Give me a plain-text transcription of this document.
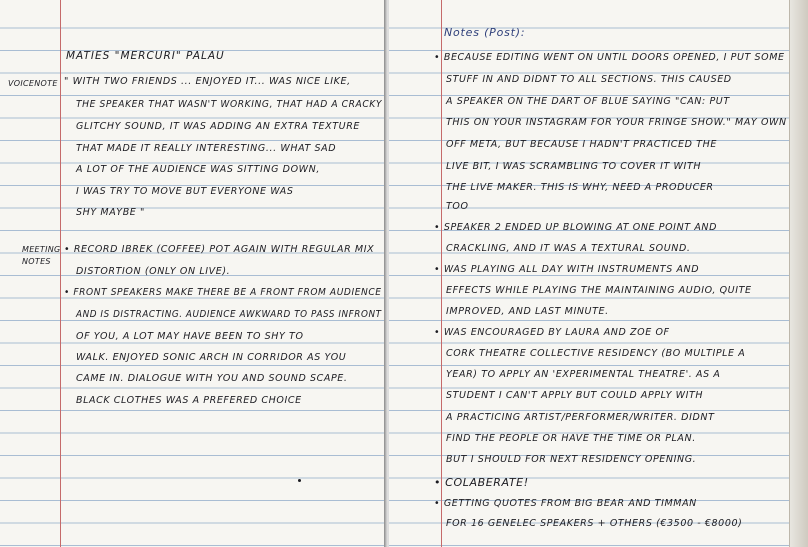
MATIES "MERCURI" PALAU
VOICENOTE
MEETING
NOTES
" WITH TWO FRIENDS ... ENJOYED IT... WAS NICE LIKE,
THE SPEAKER THAT WASN'T WORKING, THAT HAD A CRACKY
GLITCHY SOUND, IT WAS ADDING AN EXTRA TEXTURE
THAT MADE IT REALLY INTERESTING... WHAT SAD
A LOT OF THE AUDIENCE WAS SITTING DOWN,
I WAS TRY TO MOVE BUT EVERYONE WAS
SHY MAYBE "
• RECORD IBREK (COFFEE) POT AGAIN WITH REGULAR MIX
DISTORTION (ONLY ON LIVE).
• FRONT SPEAKERS MAKE THERE BE A FRONT FROM AUDIENCE
AND IS DISTRACTING. AUDIENCE AWKWARD TO PASS INFRONT
OF YOU, A LOT MAY HAVE BEEN TO SHY TO
WALK. ENJOYED SONIC ARCH IN CORRIDOR AS YOU
CAME IN. DIALOGUE WITH YOU AND SOUND SCAPE.
BLACK CLOTHES WAS A PREFERED CHOICE
Notes (Post):
• BECAUSE EDITING WENT ON UNTIL DOORS OPENED, I PUT SOME
STUFF IN AND DIDNT TO ALL SECTIONS. THIS CAUSED
A SPEAKER ON THE DART OF BLUE SAYING "CAN: PUT
THIS ON YOUR INSTAGRAM FOR YOUR FRINGE SHOW." MAY OWN
OFF META, BUT BECAUSE I HADN'T PRACTICED THE
LIVE BIT, I WAS SCRAMBLING TO COVER IT WITH
THE LIVE MAKER. THIS IS WHY, NEED A PRODUCER
TOO
• SPEAKER 2 ENDED UP BLOWING AT ONE POINT AND
CRACKLING, AND IT WAS A TEXTURAL SOUND.
• WAS PLAYING ALL DAY WITH INSTRUMENTS AND
EFFECTS WHILE PLAYING THE MAINTAINING AUDIO, QUITE
IMPROVED, AND LAST MINUTE.
• WAS ENCOURAGED BY LAURA AND ZOE OF
CORK THEATRE COLLECTIVE RESIDENCY (BO MULTIPLE A
YEAR) TO APPLY AN 'EXPERIMENTAL THEATRE'. AS A
STUDENT I CAN'T APPLY BUT COULD APPLY WITH
A PRACTICING ARTIST/PERFORMER/WRITER. DIDNT
FIND THE PEOPLE OR HAVE THE TIME OR PLAN.
BUT I SHOULD FOR NEXT RESIDENCY OPENING.
• COLABERATE!
• GETTING QUOTES FROM BIG BEAR AND TIMMAN
FOR 16 GENELEC SPEAKERS + OTHERS (€3500 - €8000)
